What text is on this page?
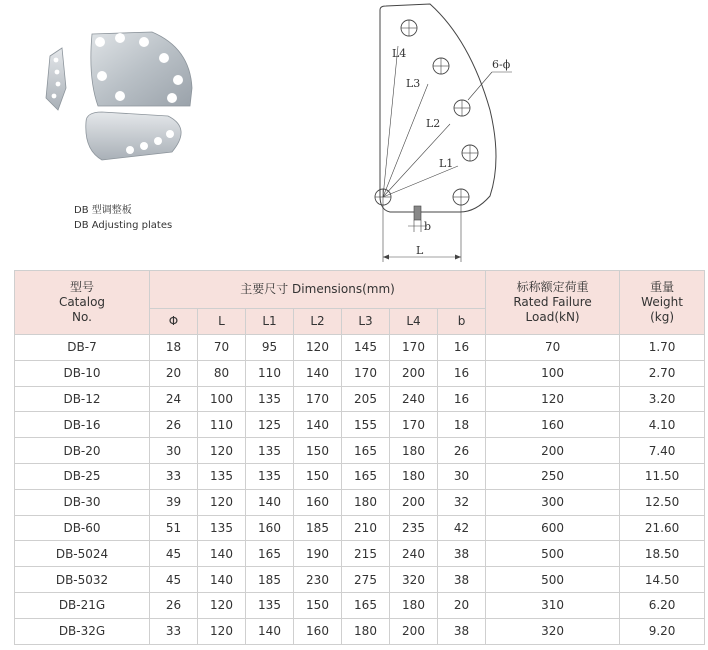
DB 型调整板
DB Adjusting plates
L4
L3
6-ϕ
L2
L1
b
L
型号
Catalog
No.	主要尺寸 Dimensions(mm)							标称额定荷重
Rated Failure
Load(kN)	重量
Weight
(kg)

	Φ	L	L1	L2	L3	L4	b		
DB-7	18	70	95	120	145	170	16	70	1.70
DB-10	20	80	110	140	170	200	16	100	2.70
DB-12	24	100	135	170	205	240	16	120	3.20
DB-16	26	110	125	140	155	170	18	160	4.10
DB-20	30	120	135	150	165	180	26	200	7.40
DB-25	33	135	135	150	165	180	30	250	11.50
DB-30	39	120	140	160	180	200	32	300	12.50
DB-60	51	135	160	185	210	235	42	600	21.60
DB-5024	45	140	165	190	215	240	38	500	18.50
DB-5032	45	140	185	230	275	320	38	500	14.50
DB-21G	26	120	135	150	165	180	20	310	6.20
DB-32G	33	120	140	160	180	200	38	320	9.20
